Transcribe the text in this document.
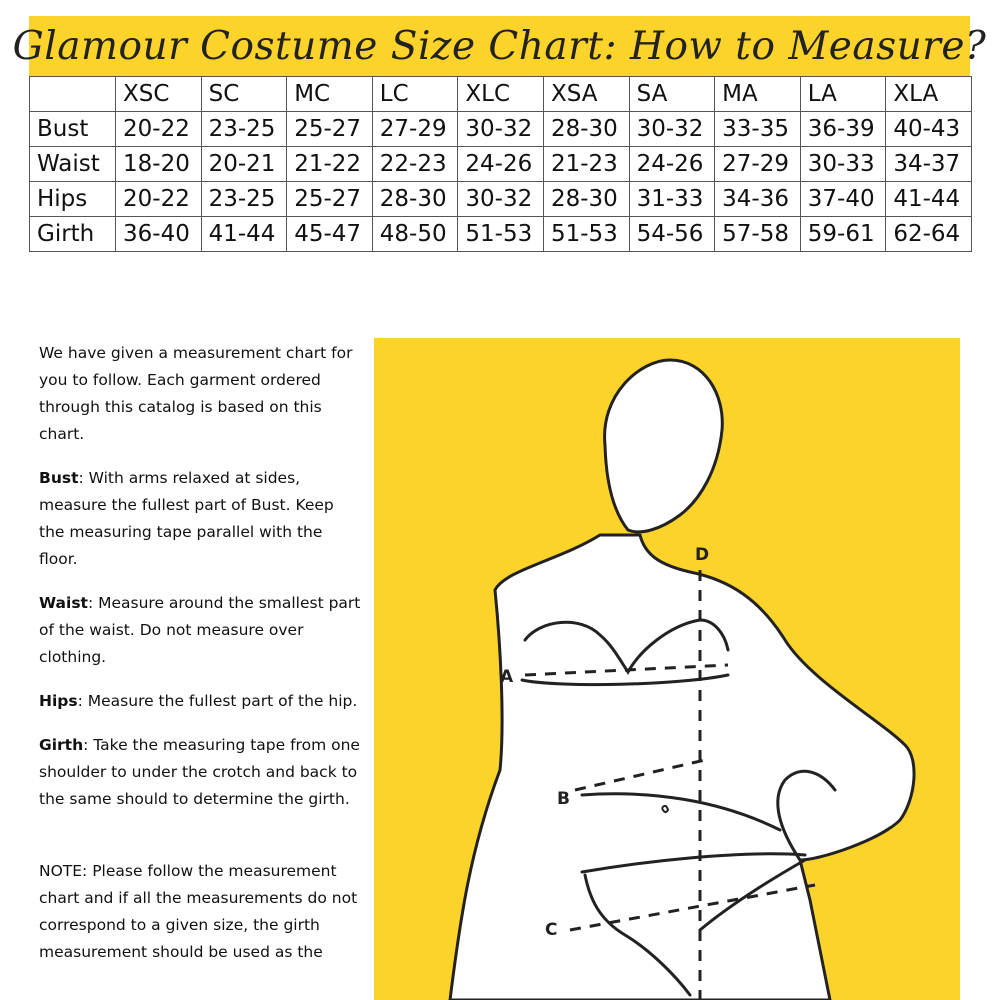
Glamour Costume Size Chart: How to Measure?
	XSC	SC	MC	LC	XLC	XSA	SA	MA	LA	XLA
Bust	20-22	23-25	25-27	27-29	30-32	28-30	30-32	33-35	36-39	40-43
Waist	18-20	20-21	21-22	22-23	24-26	21-23	24-26	27-29	30-33	34-37
Hips	20-22	23-25	25-27	28-30	30-32	28-30	31-33	34-36	37-40	41-44
Girth	36-40	41-44	45-47	48-50	51-53	51-53	54-56	57-58	59-61	62-64

We have given a measurement chart for you to follow. Each garment ordered through this catalog is based on this chart.

Bust: With arms relaxed at sides, measure the fullest part of Bust. Keep the measuring tape parallel with the floor.

Waist: Measure around the smallest part of the waist. Do not measure over clothing.

Hips: Measure the fullest part of the hip.

Girth: Take the measuring tape from one shoulder to under the crotch and back to the same should to determine the girth.

NOTE: Please follow the measurement chart and if all the measurements do not correspond to a given size, the girth measurement should be used as the

A
B
C
D
